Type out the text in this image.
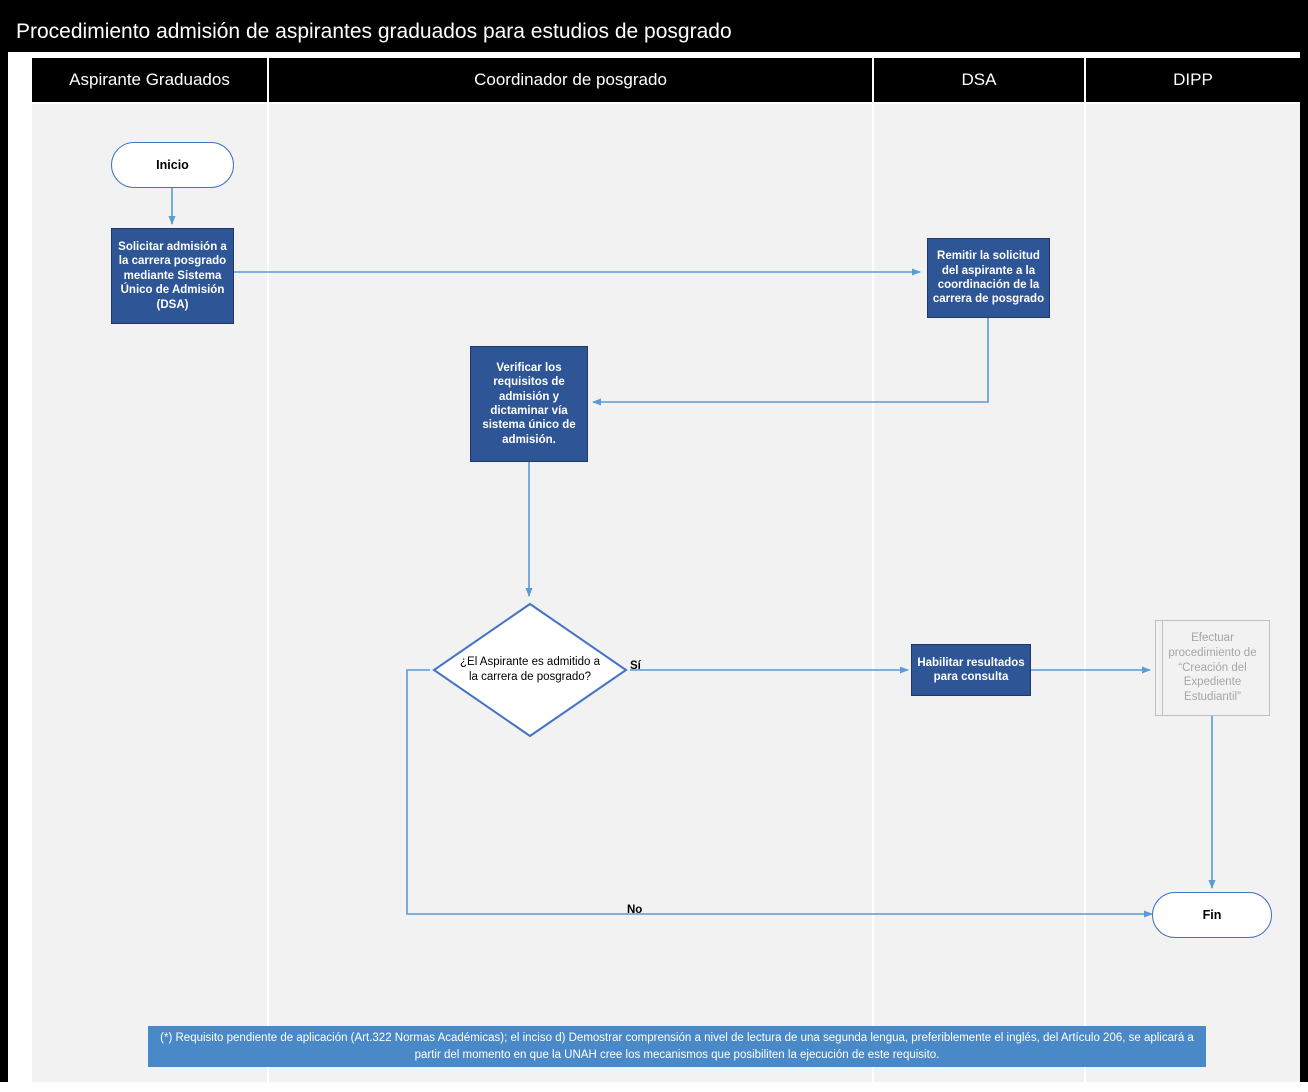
Procedimiento admisión de aspirantes graduados para estudios de posgrado
Aspirante Graduados	Coordinador de posgrado	DSA	DIPP
Inicio
Solicitar admisión a la carrera posgrado mediante Sistema Único de Admisión (DSA)
Remitir la solicitud del aspirante a la coordinación de la carrera de posgrado
Verificar los requisitos de admisión y dictaminar vía sistema único de admisión.
¿El Aspirante es admitido a la carrera de posgrado?
Habilitar resultados para consulta
Efectuar procedimiento de “Creación del Expediente Estudiantil”
Fin
Sí
No
(*) Requisito pendiente de aplicación (Art.322 Normas Académicas); el inciso d) Demostrar comprensión a nivel de lectura de una segunda lengua, preferiblemente el inglés, del Artículo 206, se aplicará a partir del momento en que la UNAH cree los mecanismos que posibiliten la ejecución de este requisito.
